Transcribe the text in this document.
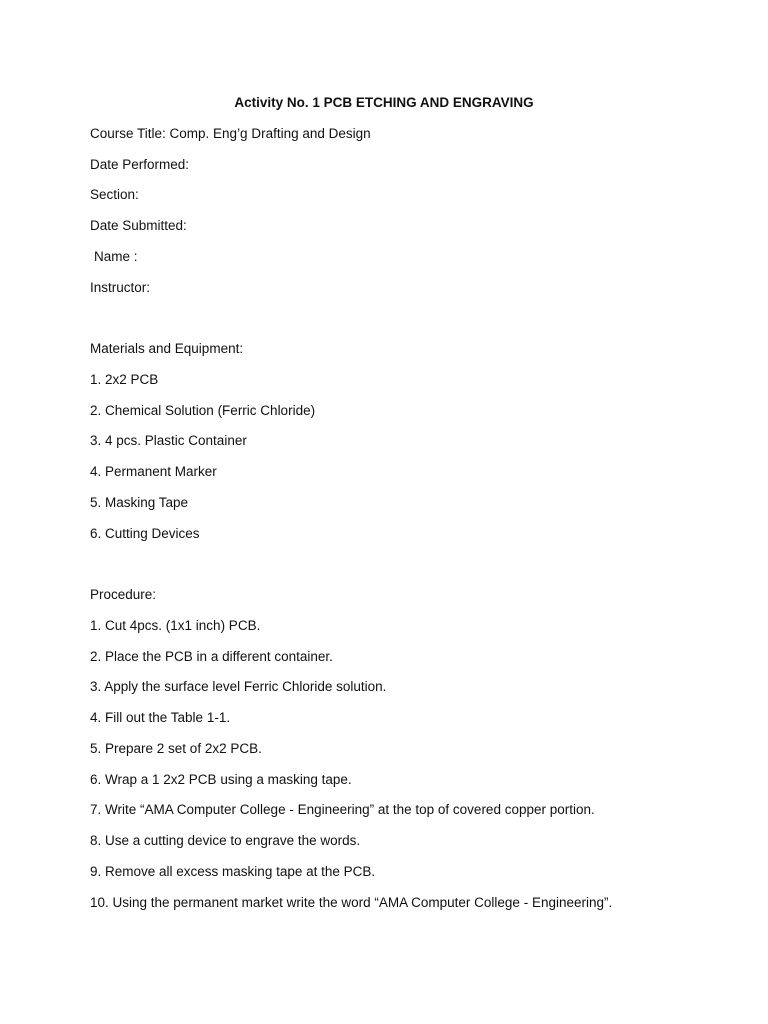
Activity No. 1 PCB ETCHING AND ENGRAVING
Course Title: Comp. Eng’g Drafting and Design
Date Performed:
Section:
Date Submitted:
Name :
Instructor:
Materials and Equipment:
1. 2x2 PCB
2. Chemical Solution (Ferric Chloride)
3. 4 pcs. Plastic Container
4. Permanent Marker
5. Masking Tape
6. Cutting Devices
Procedure:
1. Cut 4pcs. (1x1 inch) PCB.
2. Place the PCB in a different container.
3. Apply the surface level Ferric Chloride solution.
4. Fill out the Table 1-1.
5. Prepare 2 set of 2x2 PCB.
6. Wrap a 1 2x2 PCB using a masking tape.
7. Write “AMA Computer College - Engineering” at the top of covered copper portion.
8. Use a cutting device to engrave the words.
9. Remove all excess masking tape at the PCB.
10. Using the permanent market write the word “AMA Computer College - Engineering”.
